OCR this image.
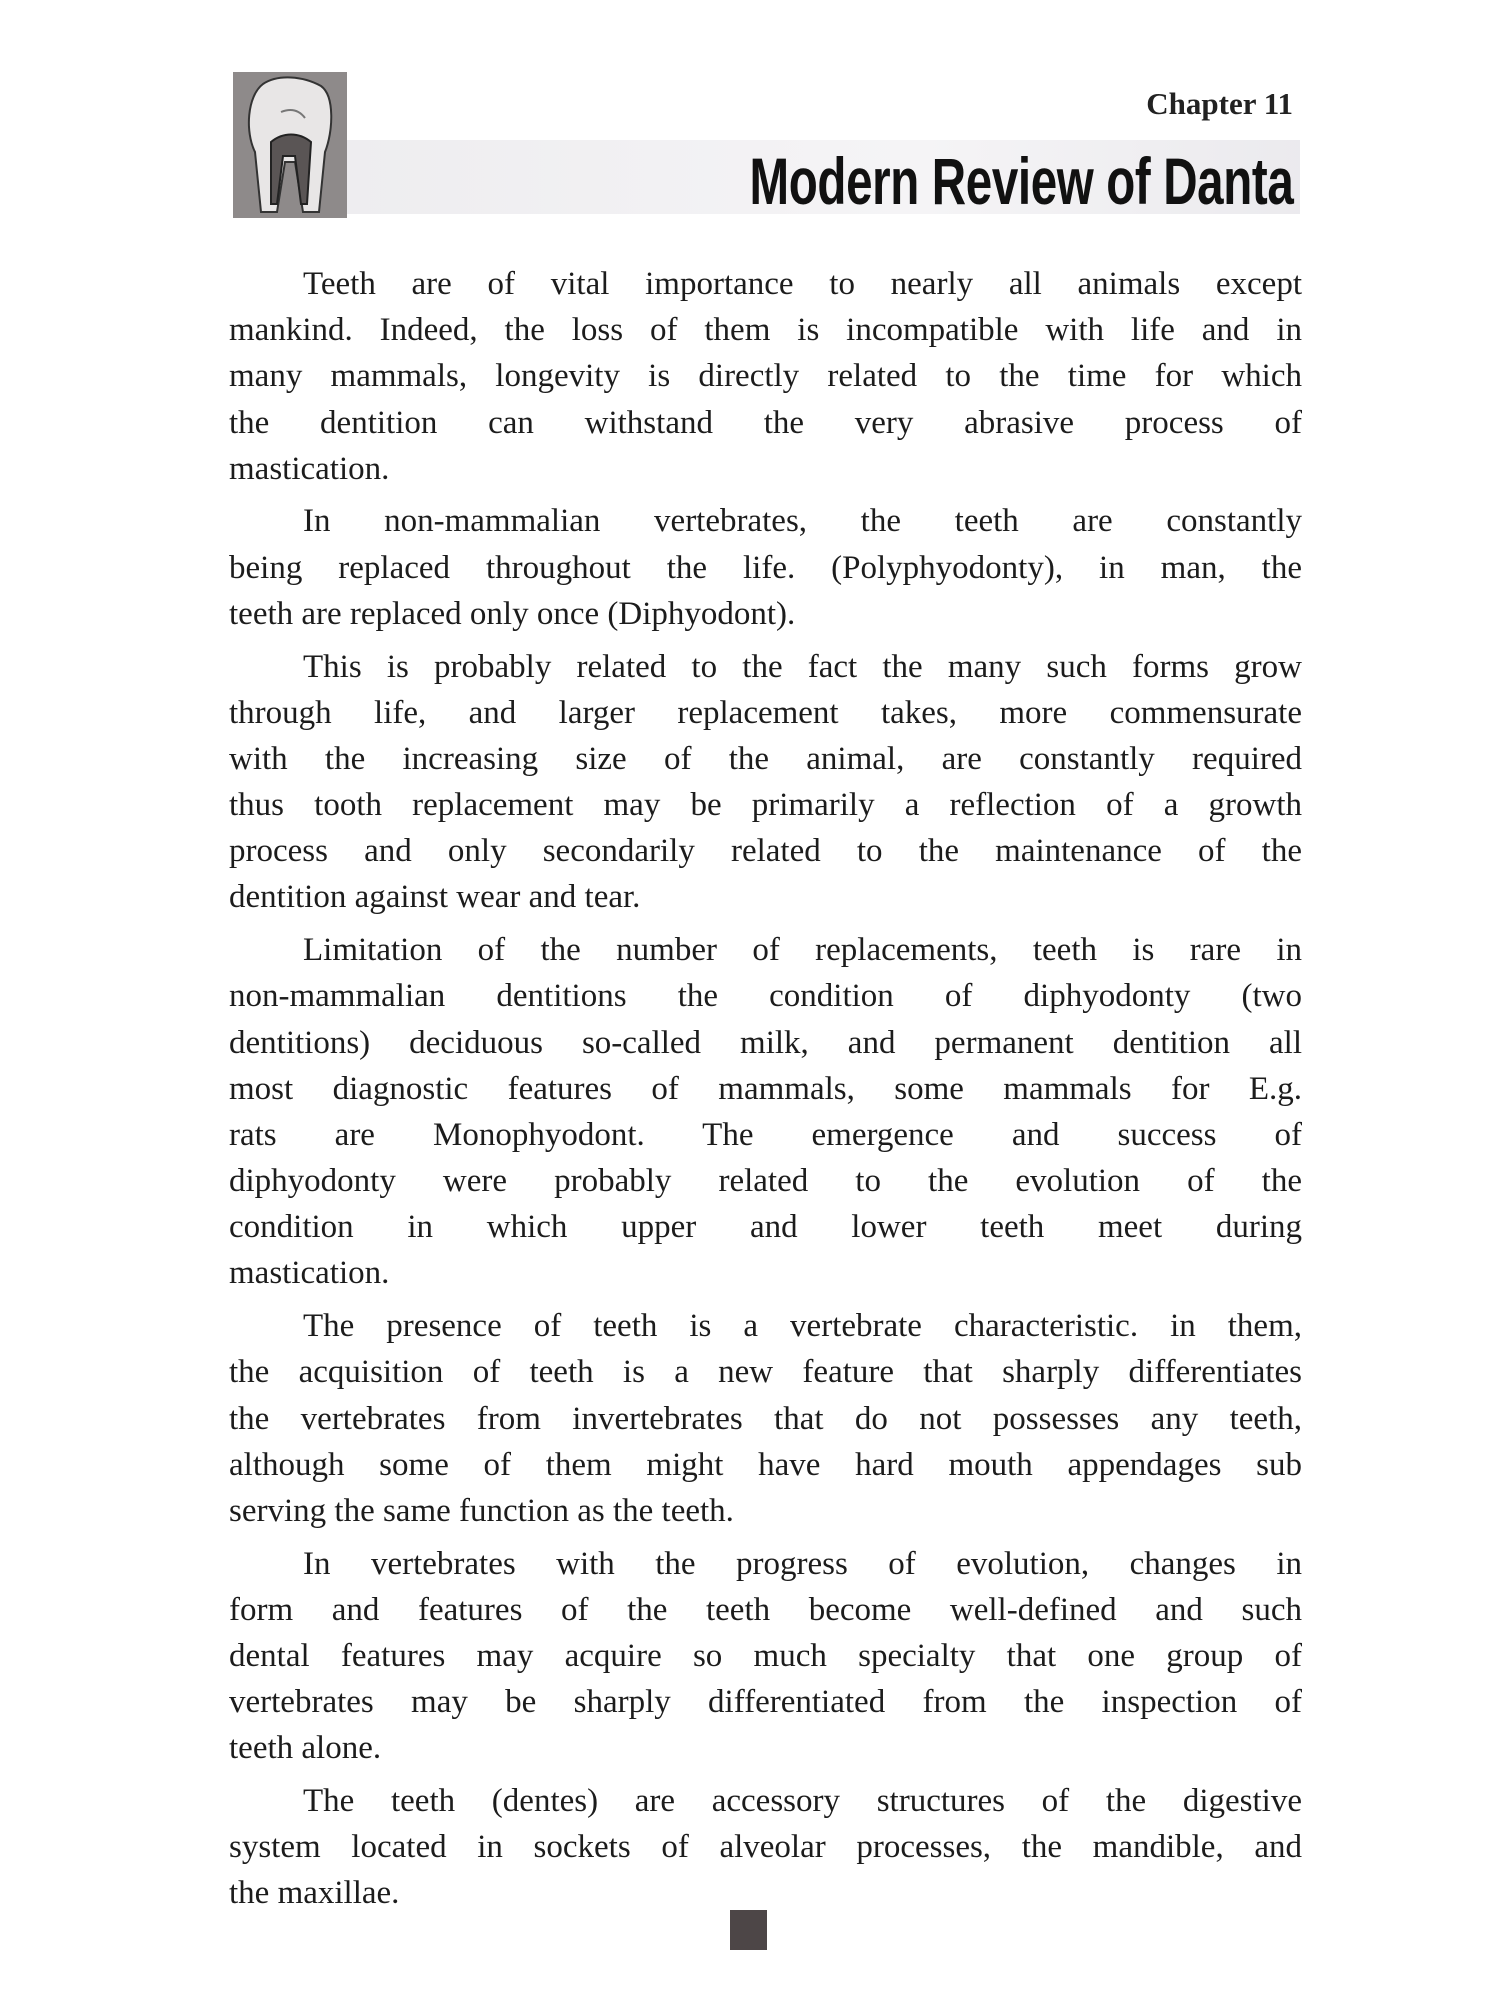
Chapter 11
Modern Review of Danta
Teeth are of vital importance to nearly all animals except
mankind. Indeed, the loss of them is incompatible with life and in
many mammals, longevity is directly related to the time for which
the dentition can withstand the very abrasive process of
mastication.
In non-mammalian vertebrates, the teeth are constantly
being replaced throughout the life. (Polyphyodonty), in man, the
teeth are replaced only once (Diphyodont).
This is probably related to the fact the many such forms grow
through life, and larger replacement takes, more commensurate
with the increasing size of the animal, are constantly required
thus tooth replacement may be primarily a reflection of a growth
process and only secondarily related to the maintenance of the
dentition against wear and tear.
Limitation of the number of replacements, teeth is rare in
non-mammalian dentitions the condition of diphyodonty (two
dentitions) deciduous so-called milk, and permanent dentition all
most diagnostic features of mammals, some mammals for E.g.
rats are Monophyodont. The emergence and success of
diphyodonty were probably related to the evolution of the
condition in which upper and lower teeth meet during
mastication.
The presence of teeth is a vertebrate characteristic. in them,
the acquisition of teeth is a new feature that sharply differentiates
the vertebrates from invertebrates that do not possesses any teeth,
although some of them might have hard mouth appendages sub
serving the same function as the teeth.
In vertebrates with the progress of evolution, changes in
form and features of the teeth become well-defined and such
dental features may acquire so much specialty that one group of
vertebrates may be sharply differentiated from the inspection of
teeth alone.
The teeth (dentes) are accessory structures of the digestive
system located in sockets of alveolar processes, the mandible, and
the maxillae.
